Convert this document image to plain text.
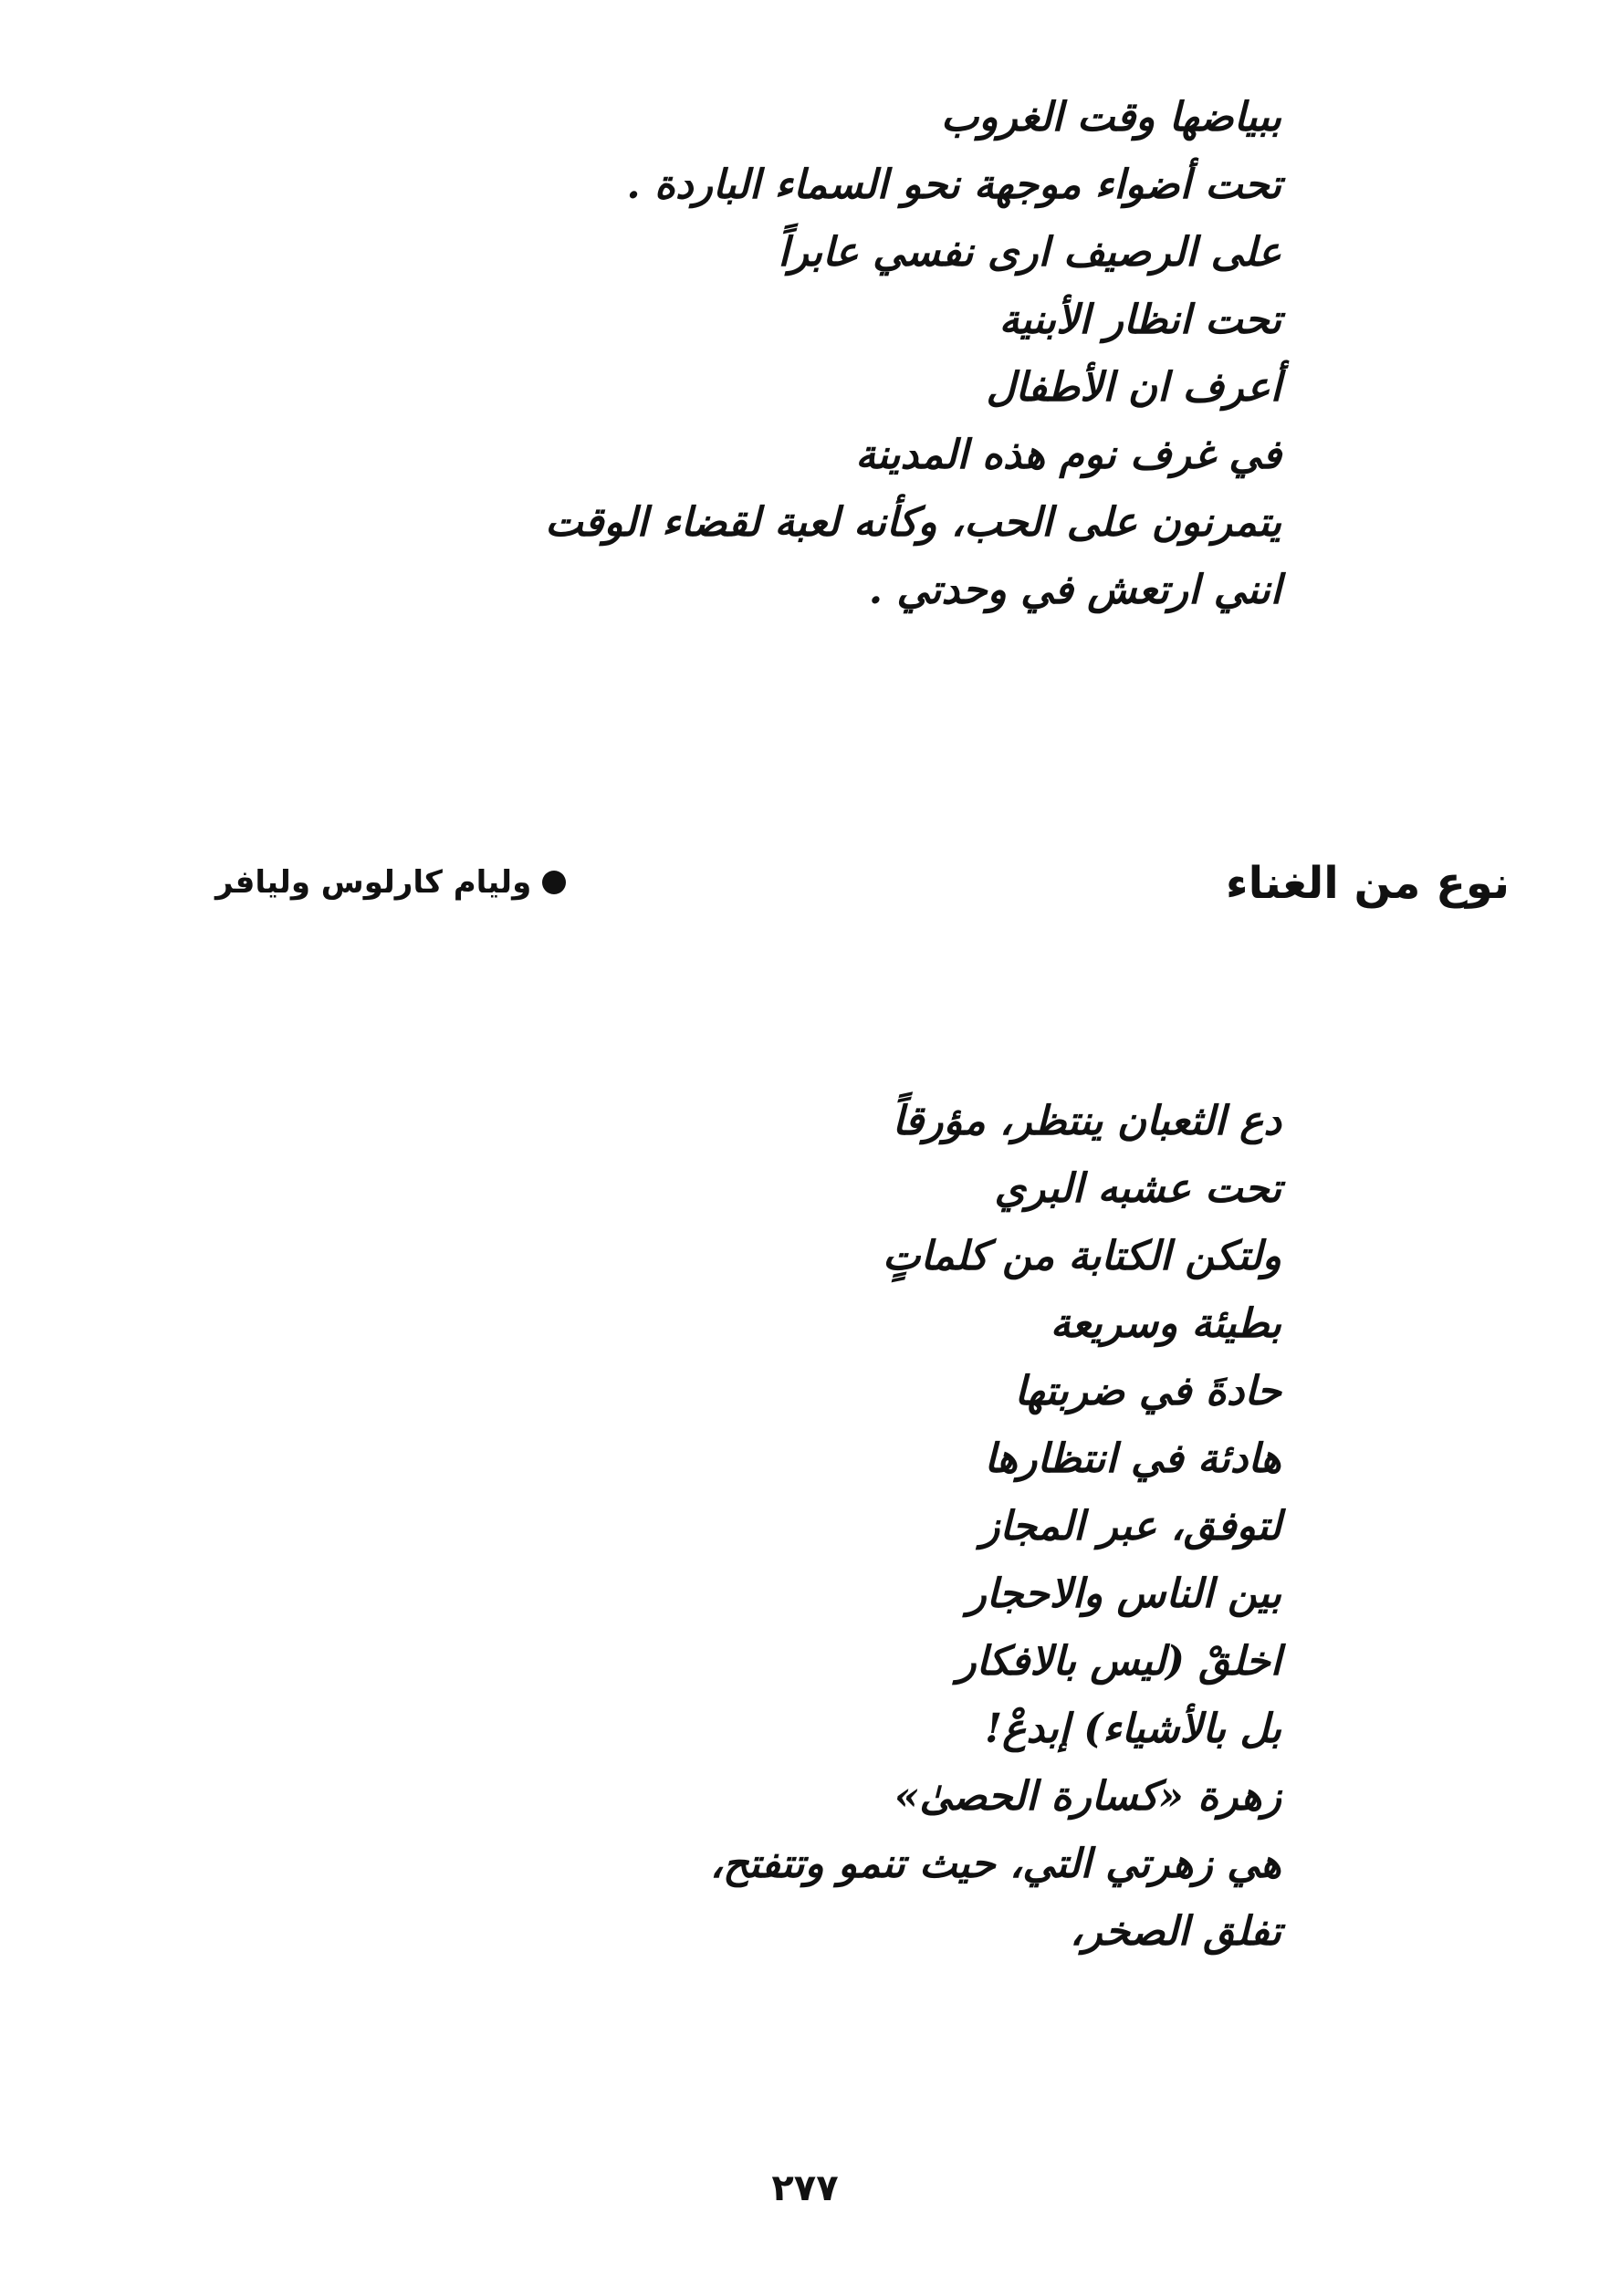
ببياضها وقت الغروب
تحت أضواء موجهة نحو السماء الباردة .
على الرصيف ارى نفسي عابراً
تحت انظار الأبنية
أعرف ان الأطفال
في غرف نوم هذه المدينة
يتمرنون على الحب، وكأنه لعبة لقضاء الوقت
انني ارتعش في وحدتي .
نوع من الغناء

وليام كارلوس وليافر

دع الثعبان ينتظر، مؤرقاً
تحت عشبه البري
ولتكن الكتابة من كلماتٍ
بطيئة وسريعة
حادةَ في ضربتها
هادئة في انتظارها
لتوفق، عبر المجاز
بين الناس والاحجار
اخلقْ (ليس بالافكار
بل بالأشياء) إبدعْ!
زهرة «كسارة الحصىٰ»
هي زهرتي التي، حيث تنمو وتتفتح،
تفلق الصخر،
٢٧٧
